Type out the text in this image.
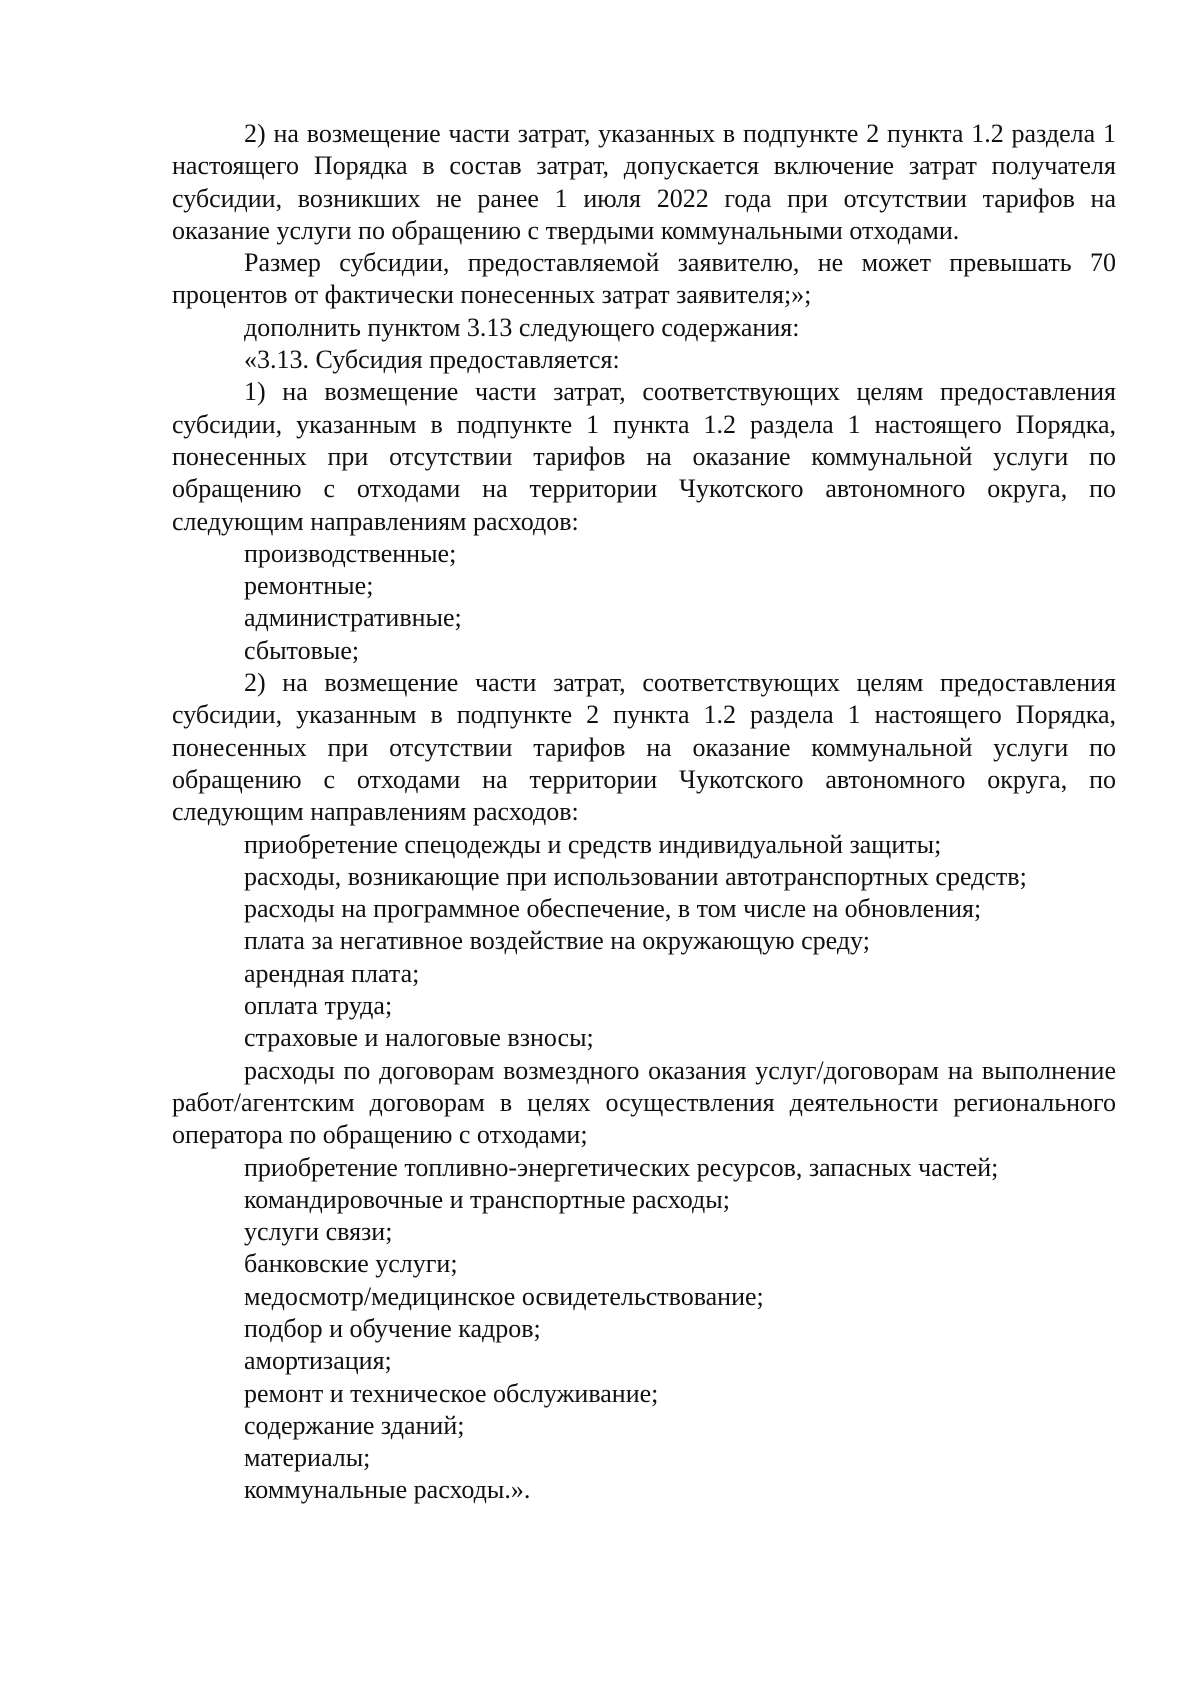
2) на возмещение части затрат, указанных в подпункте 2 пункта 1.2 раздела 1 настоящего Порядка в состав затрат, допускается включение затрат получателя субсидии, возникших не ранее 1 июля 2022 года при отсутствии тарифов на оказание услуги по обращению с твердыми коммунальными отходами.

Размер субсидии, предоставляемой заявителю, не может превышать 70 процентов от фактически понесенных затрат заявителя;»;

дополнить пунктом 3.13 следующего содержания:

«3.13. Субсидия предоставляется:

1) на возмещение части затрат, соответствующих целям предоставления субсидии, указанным в подпункте 1 пункта 1.2 раздела 1 настоящего Порядка, понесенных при отсутствии тарифов на оказание коммунальной услуги по обращению с отходами на территории Чукотского автономного округа, по следующим направлениям расходов:

производственные;

ремонтные;

административные;

сбытовые;

2) на возмещение части затрат, соответствующих целям предоставления субсидии, указанным в подпункте 2 пункта 1.2 раздела 1 настоящего Порядка, понесенных при отсутствии тарифов на оказание коммунальной услуги по обращению с отходами на территории Чукотского автономного округа, по следующим направлениям расходов:

приобретение спецодежды и средств индивидуальной защиты;

расходы, возникающие при использовании автотранспортных средств;

расходы на программное обеспечение, в том числе на обновления;

плата за негативное воздействие на окружающую среду;

арендная плата;

оплата труда;

страховые и налоговые взносы;

расходы по договорам возмездного оказания услуг/договорам на выполнение работ/агентским договорам в целях осуществления деятельности регионального оператора по обращению с отходами;

приобретение топливно-энергетических ресурсов, запасных частей;

командировочные и транспортные расходы;

услуги связи;

банковские услуги;

медосмотр/медицинское освидетельствование;

подбор и обучение кадров;

амортизация;

ремонт и техническое обслуживание;

содержание зданий;

материалы;

коммунальные расходы.».
